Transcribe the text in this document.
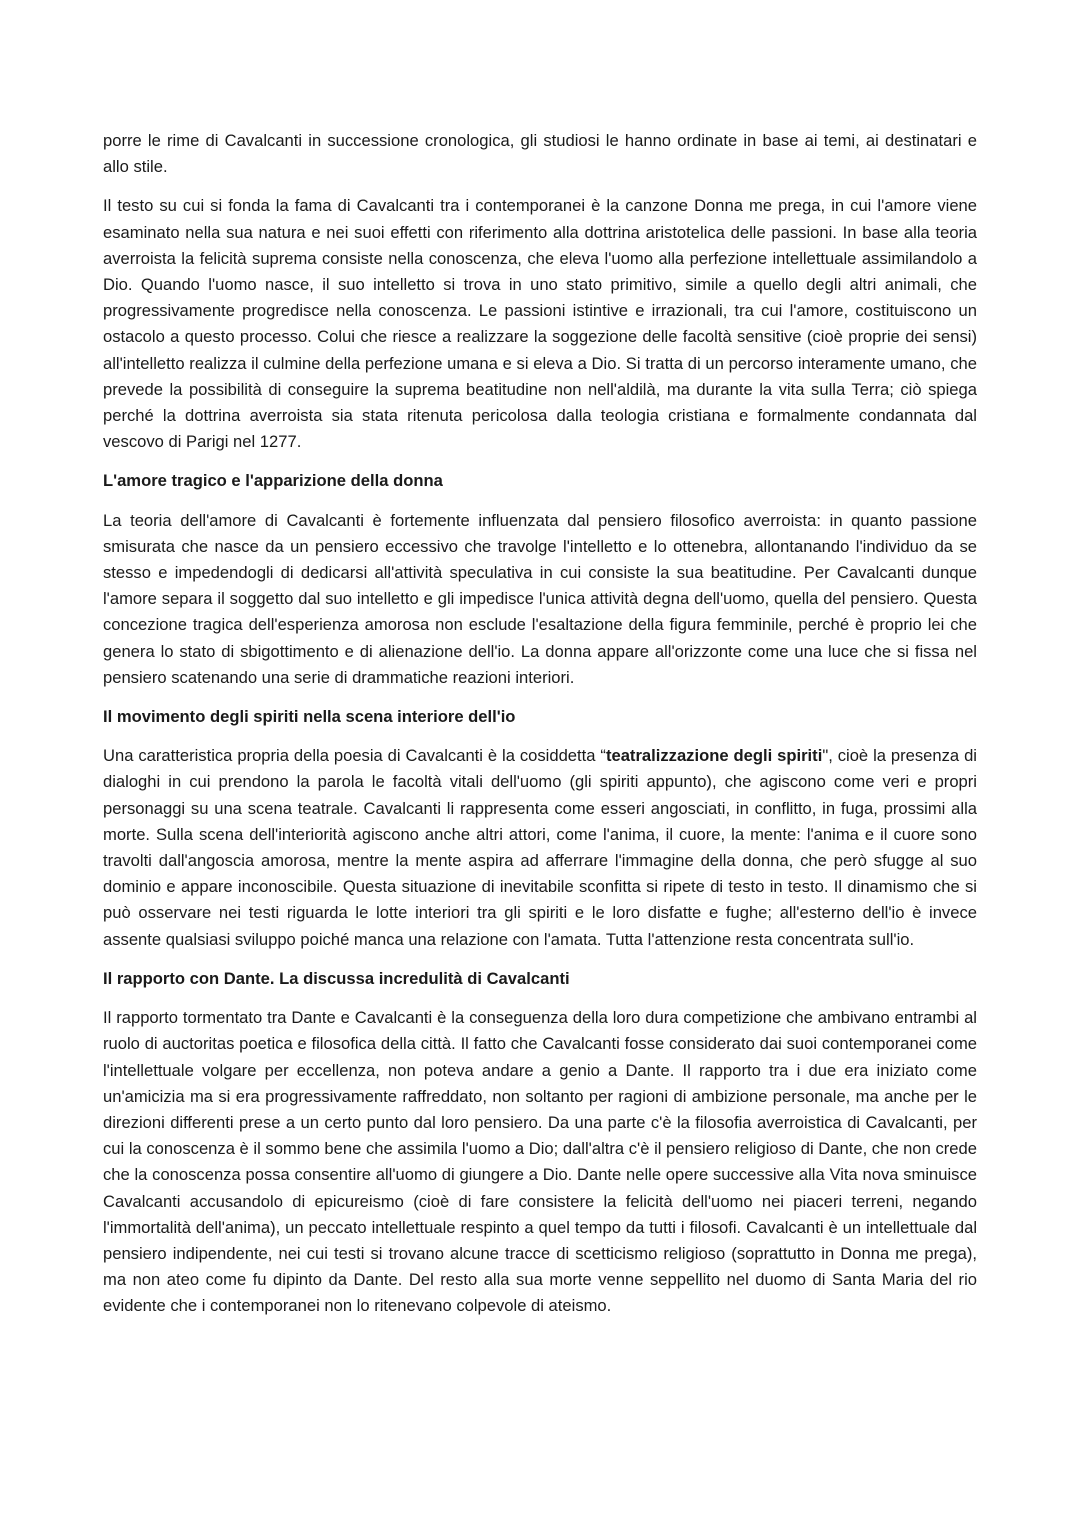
porre le rime di Cavalcanti in successione cronologica, gli studiosi le hanno ordinate in base ai temi, ai destinatari e allo stile.

Il testo su cui si fonda la fama di Cavalcanti tra i contemporanei è la canzone Donna me prega, in cui l'amore viene esaminato nella sua natura e nei suoi effetti con riferimento alla dottrina aristotelica delle passioni. In base alla teoria averroista la felicità suprema consiste nella conoscenza, che eleva l'uomo alla perfezione intellettuale assimilandolo a Dio. Quando l'uomo nasce, il suo intelletto si trova in uno stato primitivo, simile a quello degli altri animali, che progressivamente progredisce nella conoscenza. Le passioni istintive e irrazionali, tra cui l'amore, costituiscono un ostacolo a questo processo. Colui che riesce a realizzare la soggezione delle facoltà sensitive (cioè proprie dei sensi) all'intelletto realizza il culmine della perfezione umana e si eleva a Dio. Si tratta di un percorso interamente umano, che prevede la possibilità di conseguire la suprema beatitudine non nell'aldilà, ma durante la vita sulla Terra; ciò spiega perché la dottrina averroista sia stata ritenuta pericolosa dalla teologia cristiana e formalmente condannata dal vescovo di Parigi nel 1277.

L'amore tragico e l'apparizione della donna

La teoria dell'amore di Cavalcanti è fortemente influenzata dal pensiero filosofico averroista: in quanto passione smisurata che nasce da un pensiero eccessivo che travolge l'intelletto e lo ottenebra, allontanando l'individuo da se stesso e impedendogli di dedicarsi all'attività speculativa in cui consiste la sua beatitudine. Per Cavalcanti dunque l'amore separa il soggetto dal suo intelletto e gli impedisce l'unica attività degna dell'uomo, quella del pensiero. Questa concezione tragica dell'esperienza amorosa non esclude l'esaltazione della figura femminile, perché è proprio lei che genera lo stato di sbigottimento e di alienazione dell'io. La donna appare all'orizzonte come una luce che si fissa nel pensiero scatenando una serie di drammatiche reazioni interiori.

Il movimento degli spiriti nella scena interiore dell'io

Una caratteristica propria della poesia di Cavalcanti è la cosiddetta “teatralizzazione degli spiriti", cioè la presenza di dialoghi in cui prendono la parola le facoltà vitali dell'uomo (gli spiriti appunto), che agiscono come veri e propri personaggi su una scena teatrale. Cavalcanti li rappresenta come esseri angosciati, in conflitto, in fuga, prossimi alla morte. Sulla scena dell'interiorità agiscono anche altri attori, come l'anima, il cuore, la mente: l'anima e il cuore sono travolti dall'angoscia amorosa, mentre la mente aspira ad afferrare l'immagine della donna, che però sfugge al suo dominio e appare inconoscibile. Questa situazione di inevitabile sconfitta si ripete di testo in testo. Il dinamismo che si può osservare nei testi riguarda le lotte interiori tra gli spiriti e le loro disfatte e fughe; all'esterno dell'io è invece assente qualsiasi sviluppo poiché manca una relazione con l'amata. Tutta l'attenzione resta concentrata sull'io.

Il rapporto con Dante. La discussa incredulità di Cavalcanti

Il rapporto tormentato tra Dante e Cavalcanti è la conseguenza della loro dura competizione che ambivano entrambi al ruolo di auctoritas poetica e filosofica della città. Il fatto che Cavalcanti fosse considerato dai suoi contemporanei come l'intellettuale volgare per eccellenza, non poteva andare a genio a Dante. Il rapporto tra i due era iniziato come un'amicizia ma si era progressivamente raffreddato, non soltanto per ragioni di ambizione personale, ma anche per le direzioni differenti prese a un certo punto dal loro pensiero. Da una parte c'è la filosofia averroistica di Cavalcanti, per cui la conoscenza è il sommo bene che assimila l'uomo a Dio; dall'altra c'è il pensiero religioso di Dante, che non crede che la conoscenza possa consentire all'uomo di giungere a Dio. Dante nelle opere successive alla Vita nova sminuisce Cavalcanti accusandolo di epicureismo (cioè di fare consistere la felicità dell'uomo nei piaceri terreni, negando l'immortalità dell'anima), un peccato intellettuale respinto a quel tempo da tutti i filosofi. Cavalcanti è un intellettuale dal pensiero indipendente, nei cui testi si trovano alcune tracce di scetticismo religioso (soprattutto in Donna me prega), ma non ateo come fu dipinto da Dante. Del resto alla sua morte venne seppellito nel duomo di Santa Maria del rio evidente che i contemporanei non lo ritenevano colpevole di ateismo.
